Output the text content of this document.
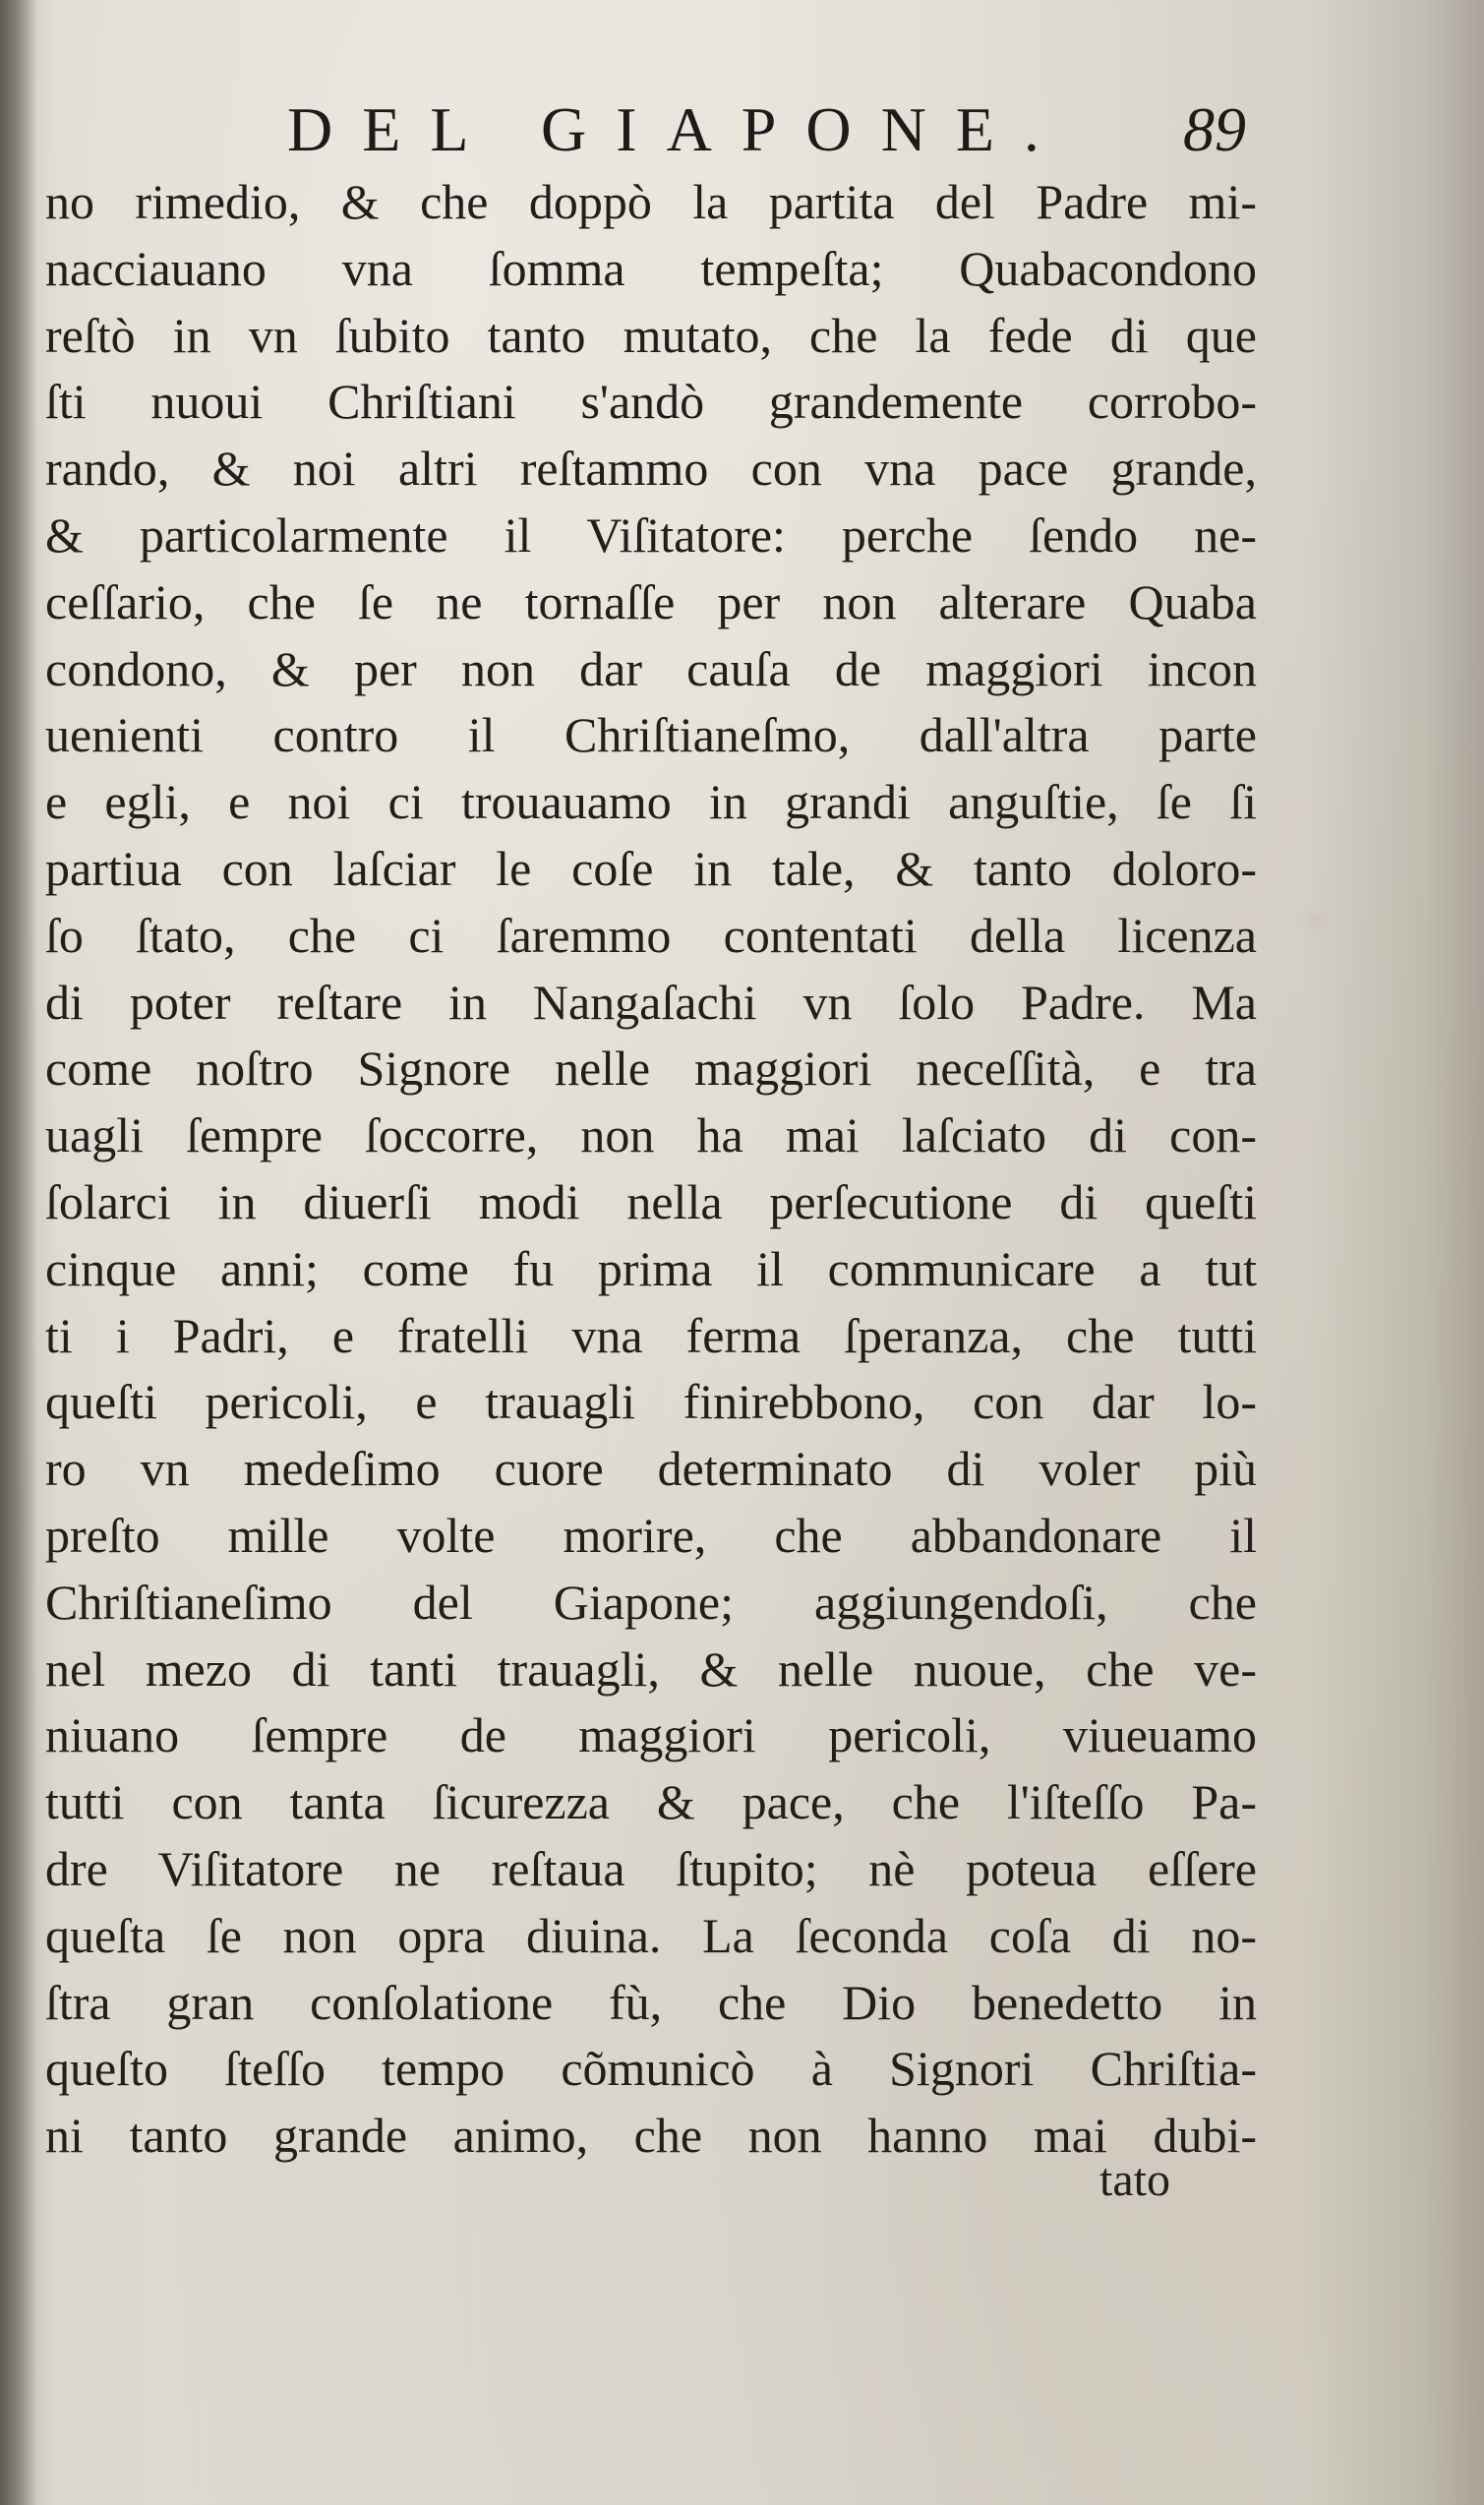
DEL GIAPONE. 89
no rimedio, & che doppò la partita del Padre mi-
nacciauano vna ſomma tempeſta; Quabacondono
reſtò in vn ſubito tanto mutato, che la fede di que
ſti nuoui Chriſtiani s'andò grandemente corrobo-
rando, & noi altri reſtammo con vna pace grande,
& particolarmente il Viſitatore: perche ſendo ne-
ceſſario, che ſe ne tornaſſe per non alterare Quaba
condono, & per non dar cauſa de maggiori incon
uenienti contro il Chriſtianeſmo, dall'altra parte
e egli, e noi ci trouauamo in grandi anguſtie, ſe ſi
partiua con laſciar le coſe in tale, & tanto doloro-
ſo ſtato, che ci ſaremmo contentati della licenza
di poter reſtare in Nangaſachi vn ſolo Padre. Ma
come noſtro Signore nelle maggiori neceſſità, e tra
uagli ſempre ſoccorre, non ha mai laſciato di con-
ſolarci in diuerſi modi nella perſecutione di queſti
cinque anni; come fu prima il communicare a tut
ti i Padri, e fratelli vna ferma ſperanza, che tutti
queſti pericoli, e trauagli finirebbono, con dar lo-
ro vn medeſimo cuore determinato di voler più
preſto mille volte morire, che abbandonare il
Chriſtianeſimo del Giapone; aggiungendoſi, che
nel mezo di tanti trauagli, & nelle nuoue, che ve-
niuano ſempre de maggiori pericoli, viueuamo
tutti con tanta ſicurezza & pace, che l'iſteſſo Pa-
dre Viſitatore ne reſtaua ſtupito; nè poteua eſſere
queſta ſe non opra diuina. La ſeconda coſa di no-
ſtra gran conſolatione fù, che Dio benedetto in
queſto ſteſſo tempo cõmunicò à Signori Chriſtia-
ni tanto grande animo, che non hanno mai dubi-
tato
